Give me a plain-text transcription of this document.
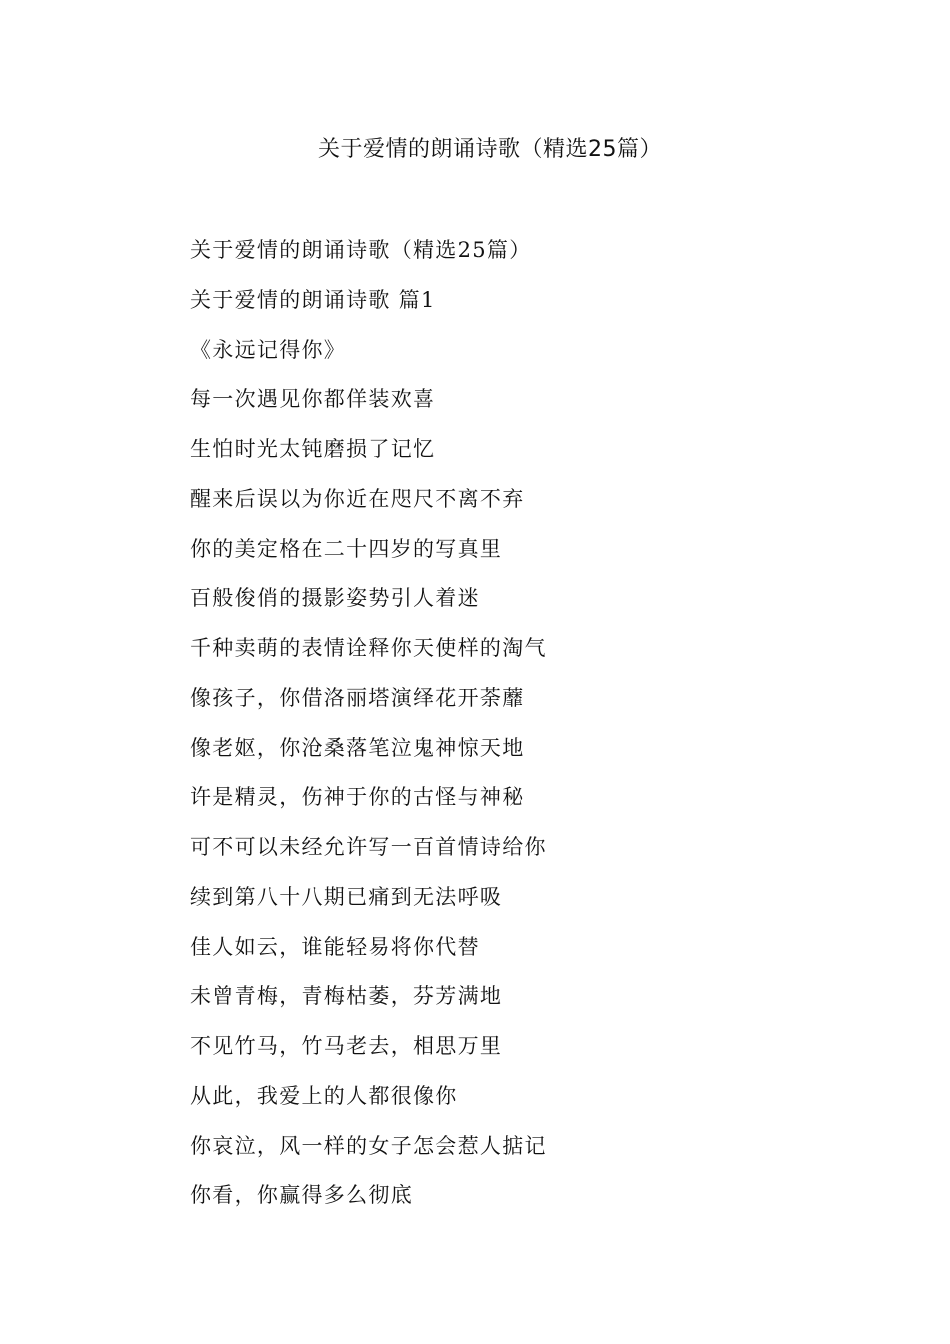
关于爱情的朗诵诗歌（精选25篇）
关于爱情的朗诵诗歌（精选25篇）
关于爱情的朗诵诗歌 篇1
《永远记得你》
每一次遇见你都佯装欢喜
生怕时光太钝磨损了记忆
醒来后误以为你近在咫尺不离不弃
你的美定格在二十四岁的写真里
百般俊俏的摄影姿势引人着迷
千种卖萌的表情诠释你天使样的淘气
像孩子，你借洛丽塔演绎花开荼蘼
像老妪，你沧桑落笔泣鬼神惊天地
许是精灵，伤神于你的古怪与神秘
可不可以未经允许写一百首情诗给你
续到第八十八期已痛到无法呼吸
佳人如云，谁能轻易将你代替
未曾青梅，青梅枯萎，芬芳满地
不见竹马，竹马老去，相思万里
从此，我爱上的人都很像你
你哀泣，风一样的女子怎会惹人掂记
你看，你赢得多么彻底
